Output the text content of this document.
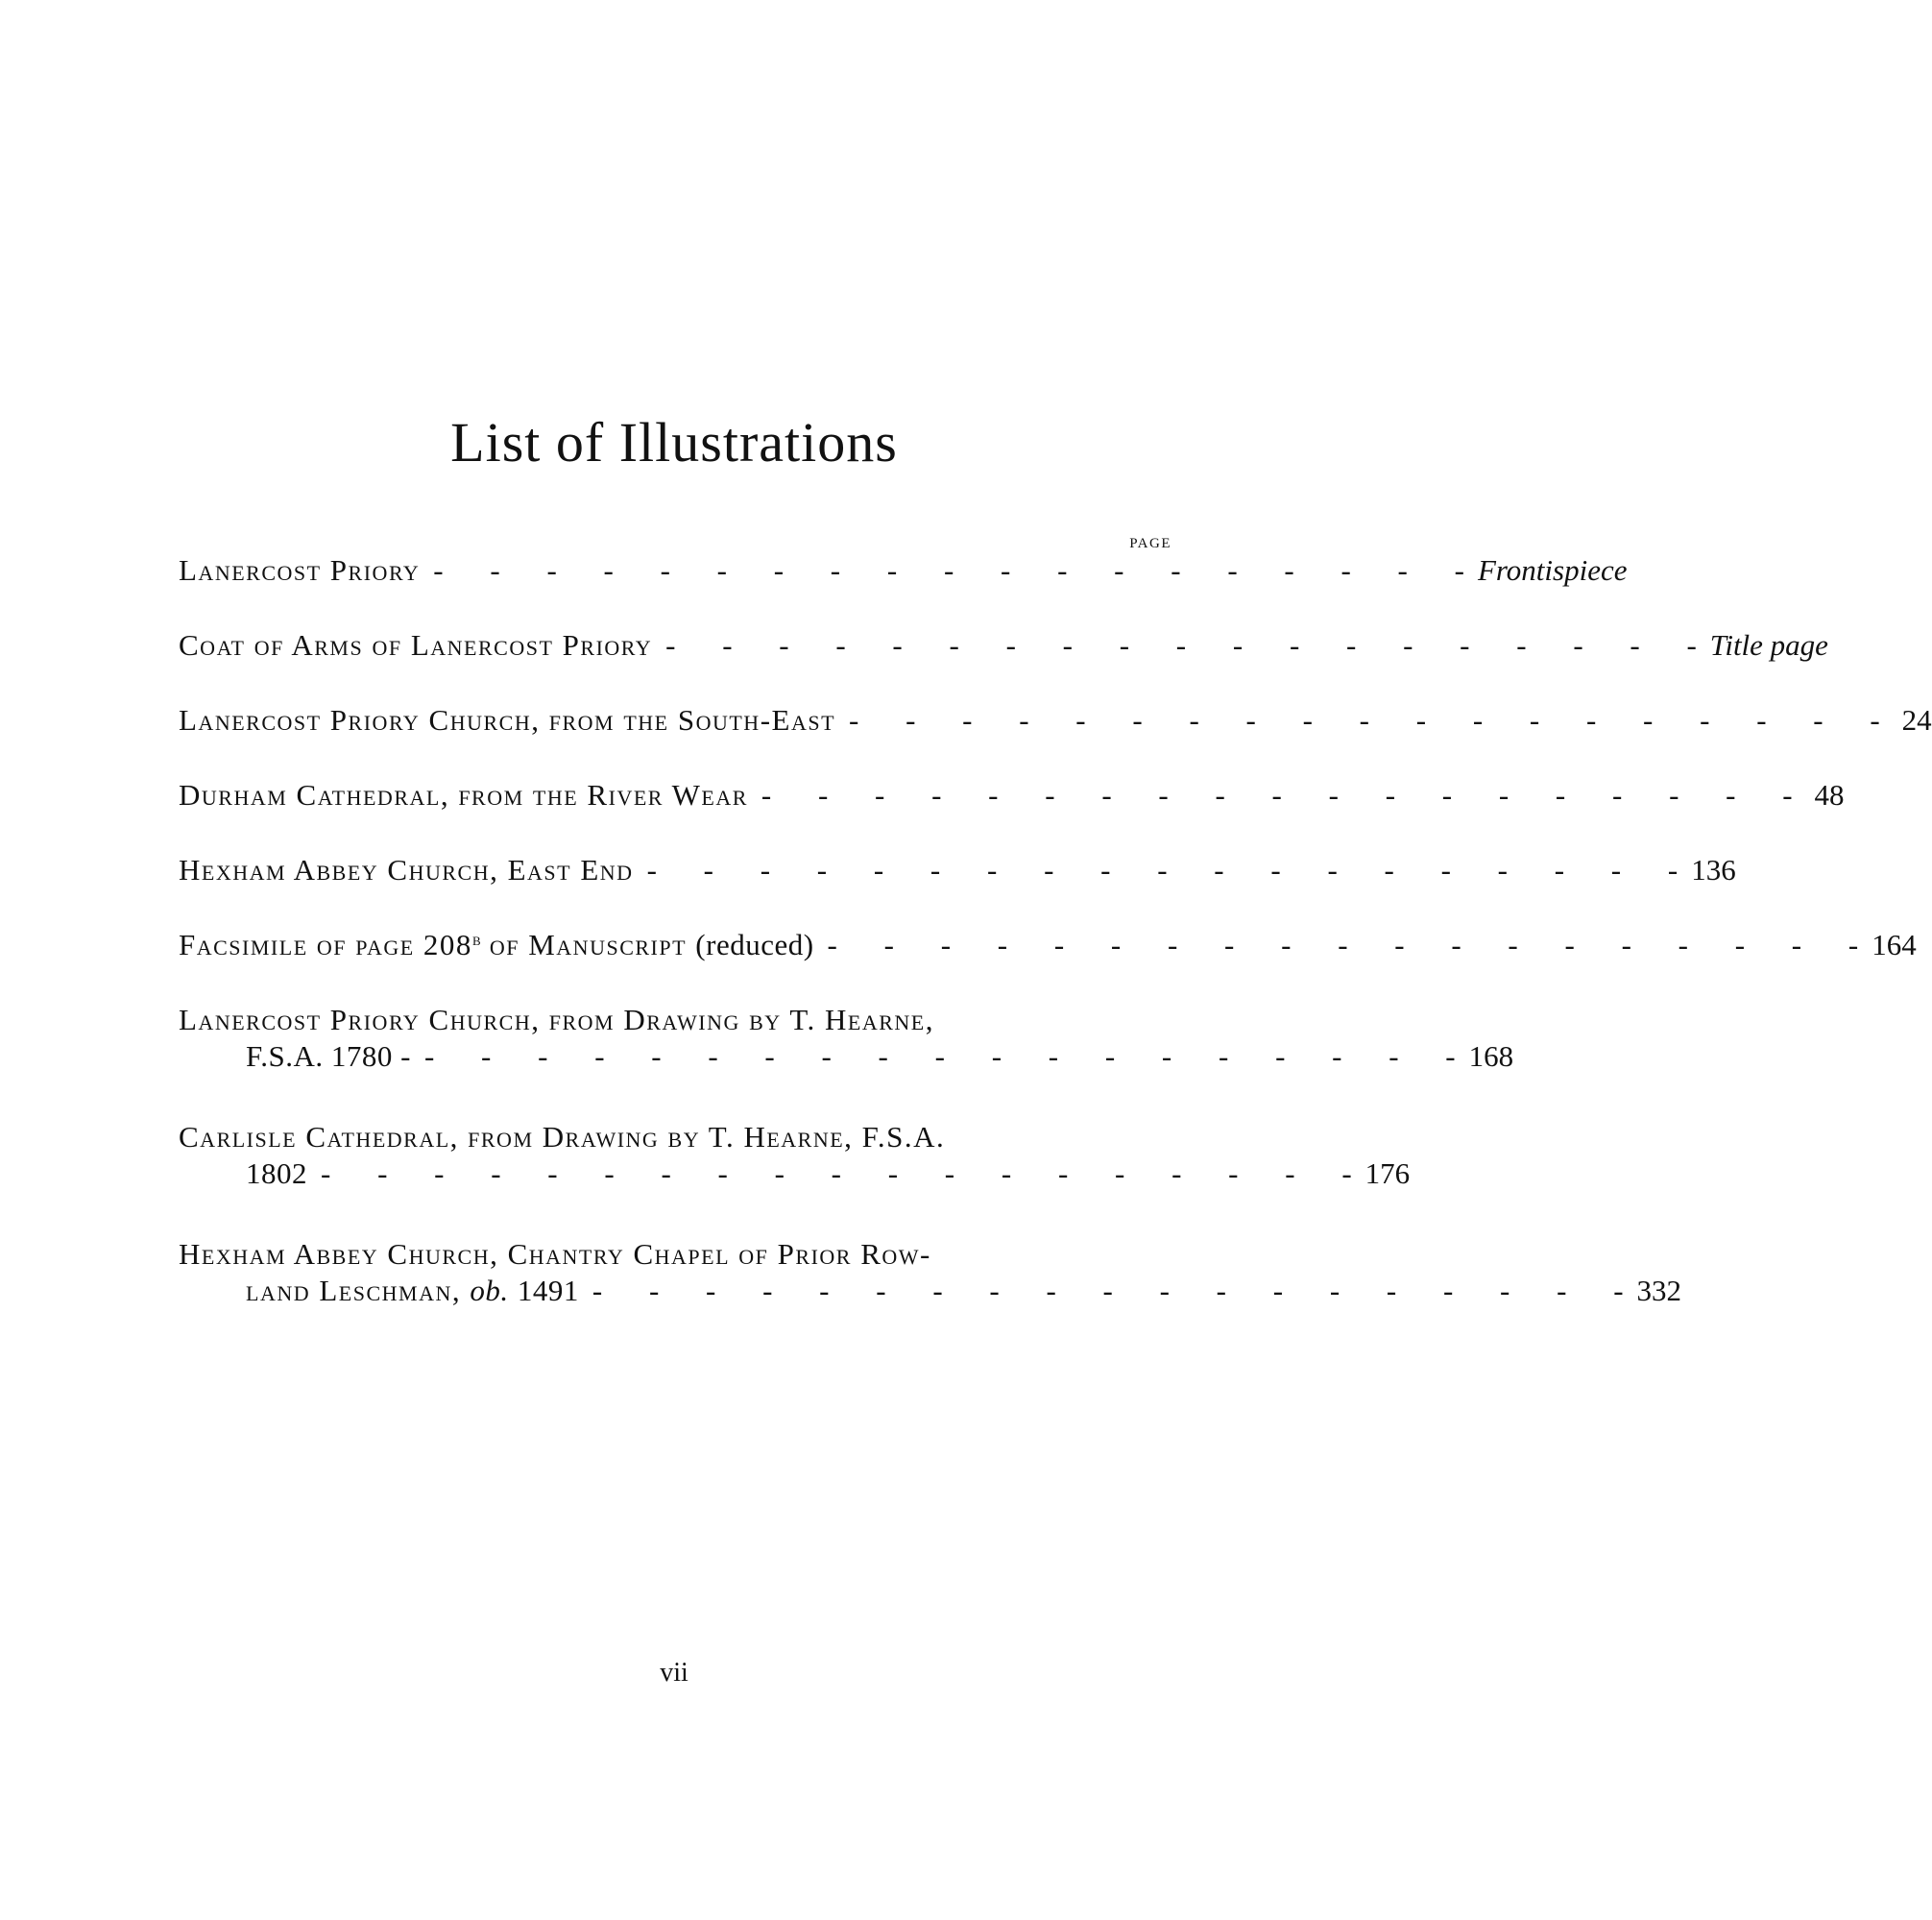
List of Illustrations
PAGE
Lanercost Priory - - - - - - - - - - - - - - - - - - - Frontispiece
Coat of Arms of Lanercost Priory - - - - - - - - - - - - - - - - - - - Title page
Lanercost Priory Church, from the South-East - - - - - - - - - - - - - - - - - - - 24
Durham Cathedral, from the River Wear - - - - - - - - - - - - - - - - - - - 48
Hexham Abbey Church, East End - - - - - - - - - - - - - - - - - - - 136
Facsimile of page 208$^b$ of Manuscript (reduced) - - - - - - - - - - - - - - - - - - - 164
Lanercost Priory Church, from Drawing by T. Hearne,
F.S.A. 1780 - - - - - - - - - - - - - - - - - - - - 168
Carlisle Cathedral, from Drawing by T. Hearne, F.S.A.
1802 - - - - - - - - - - - - - - - - - - - 176
Hexham Abbey Church, Chantry Chapel of Prior Row-
land Leschman, ob. 1491 - - - - - - - - - - - - - - - - - - - 332
vii
